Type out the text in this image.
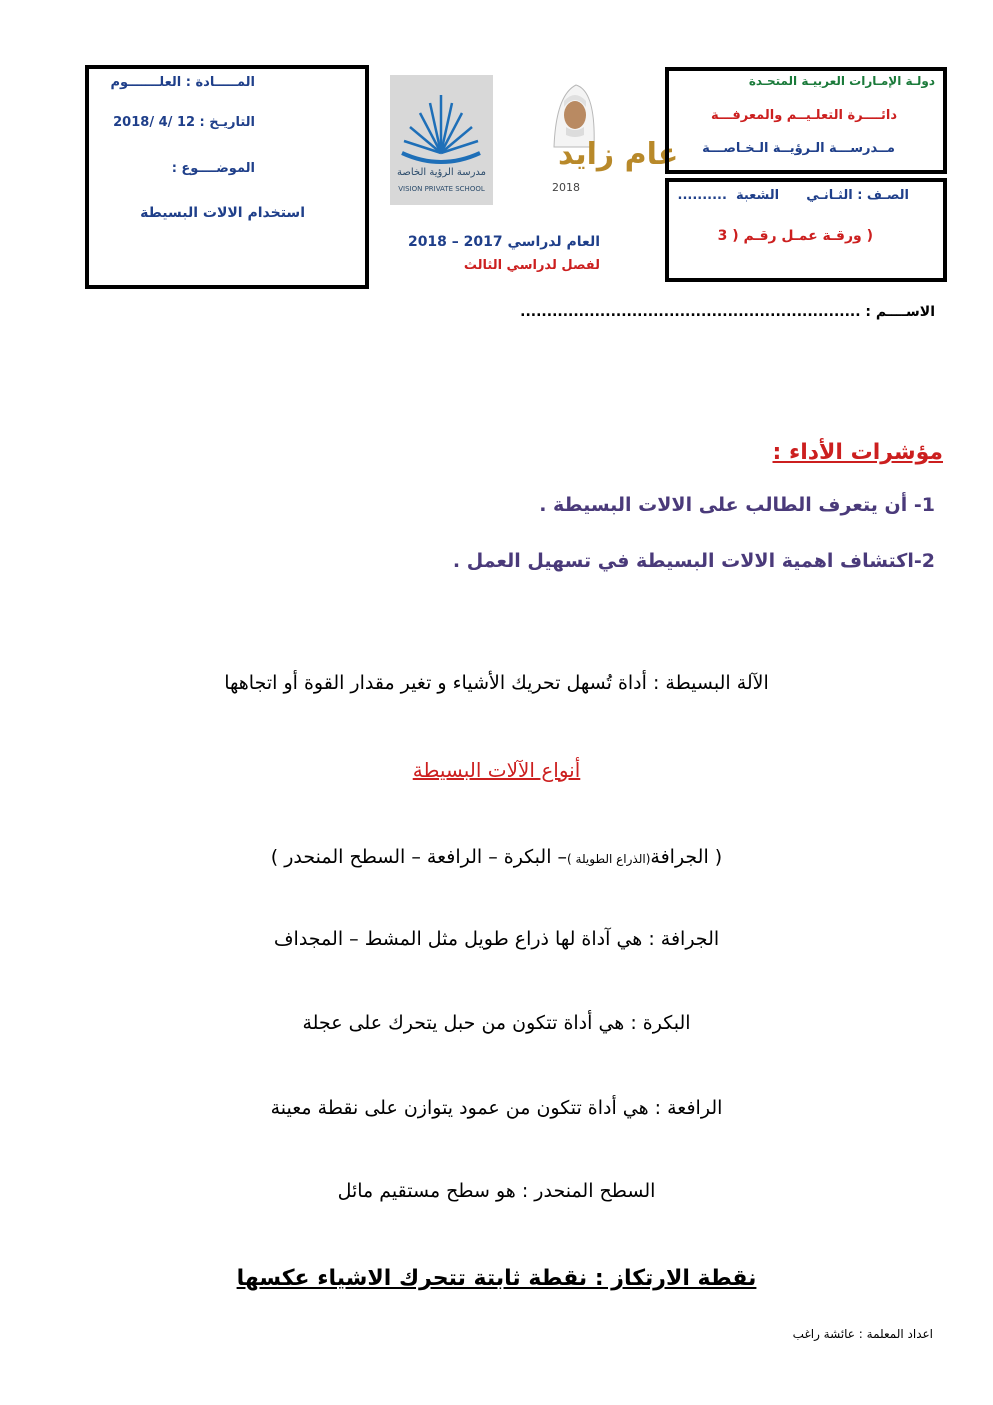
المـــــادة : العلـــــــوم
التاريـخ : 12 /4 /2018
الموضــــوع :
استخدام الالات البسيطة
مدرسة الرؤية الخاصة
VISION PRIVATE SCHOOL
عام زايد
2018
العام لدراسي 2017 – 2018
لفصل لدراسي الثالث
دولـة الإمـارات العربيـة المتحـدة
دائــــرة التعلـيــم والمعرفـــة
مــدرســـة الـرؤيــة الـخـاصـــة
الصـف : الثـانـي      الشعبة  ..........
( ورقـة عمـل رقـم ( 3
الاســــم : ................................................................
مؤشرات الأداء :
1- أن يتعرف الطالب على الالات البسيطة .
2-اكتشاف اهمية الالات البسيطة في تسهيل العمل .
الآلة البسيطة : أداة تُسهل تحريك الأشياء و تغير مقدار القوة أو اتجاهها
أنواع الآلات البسيطة
( الجرافة(الذراع الطويلة )– البكرة – الرافعة – السطح المنحدر )
الجرافة : هي آداة لها ذراع طويل مثل المشط – المجداف
البكرة : هي أداة تتكون من حبل يتحرك على عجلة
الرافعة : هي أداة تتكون من عمود يتوازن على نقطة معينة
السطح المنحدر : هو سطح مستقيم مائل
نقطة الارتكاز : نقطة ثابتة تتحرك الاشياء عكسها
اعداد المعلمة : عائشة راغب
